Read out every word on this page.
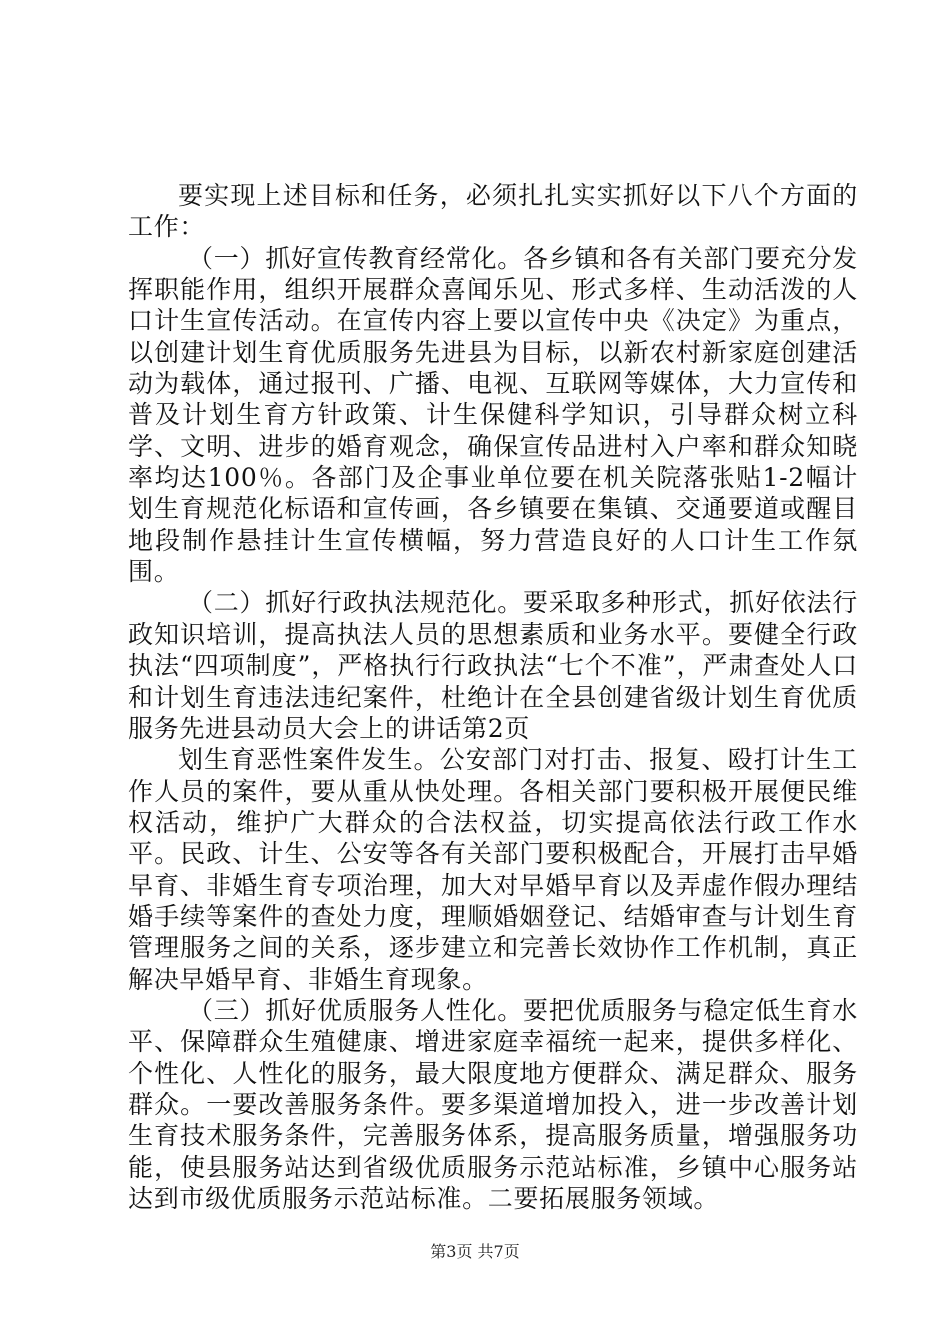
要实现上述目标和任务，必须扎扎实实抓好以下八个方面的工作：

（一）抓好宣传教育经常化。各乡镇和各有关部门要充分发挥职能作用，组织开展群众喜闻乐见、形式多样、生动活泼的人口计生宣传活动。在宣传内容上要以宣传中央《决定》为重点，以创建计划生育优质服务先进县为目标，以新农村新家庭创建活动为载体，通过报刊、广播、电视、互联网等媒体，大力宣传和普及计划生育方针政策、计生保健科学知识，引导群众树立科学、文明、进步的婚育观念，确保宣传品进村入户率和群众知晓率均达100％。各部门及企事业单位要在机关院落张贴1-2幅计划生育规范化标语和宣传画，各乡镇要在集镇、交通要道或醒目地段制作悬挂计生宣传横幅，努力营造良好的人口计生工作氛围。

（二）抓好行政执法规范化。要采取多种形式，抓好依法行政知识培训，提高执法人员的思想素质和业务水平。要健全行政执法“四项制度”，严格执行行政执法“七个不准”，严肃查处人口和计划生育违法违纪案件，杜绝计在全县创建省级计划生育优质服务先进县动员大会上的讲话第2页

划生育恶性案件发生。公安部门对打击、报复、殴打计生工作人员的案件，要从重从快处理。各相关部门要积极开展便民维权活动，维护广大群众的合法权益，切实提高依法行政工作水平。民政、计生、公安等各有关部门要积极配合，开展打击早婚早育、非婚生育专项治理，加大对早婚早育以及弄虚作假办理结婚手续等案件的查处力度，理顺婚姻登记、结婚审查与计划生育管理服务之间的关系，逐步建立和完善长效协作工作机制，真正解决早婚早育、非婚生育现象。

（三）抓好优质服务人性化。要把优质服务与稳定低生育水平、保障群众生殖健康、增进家庭幸福统一起来，提供多样化、个性化、人性化的服务，最大限度地方便群众、满足群众、服务群众。一要改善服务条件。要多渠道增加投入，进一步改善计划生育技术服务条件，完善服务体系，提高服务质量，增强服务功能，使县服务站达到省级优质服务示范站标准，乡镇中心服务站达到市级优质服务示范站标准。二要拓展服务领域。

第3页 共7页
